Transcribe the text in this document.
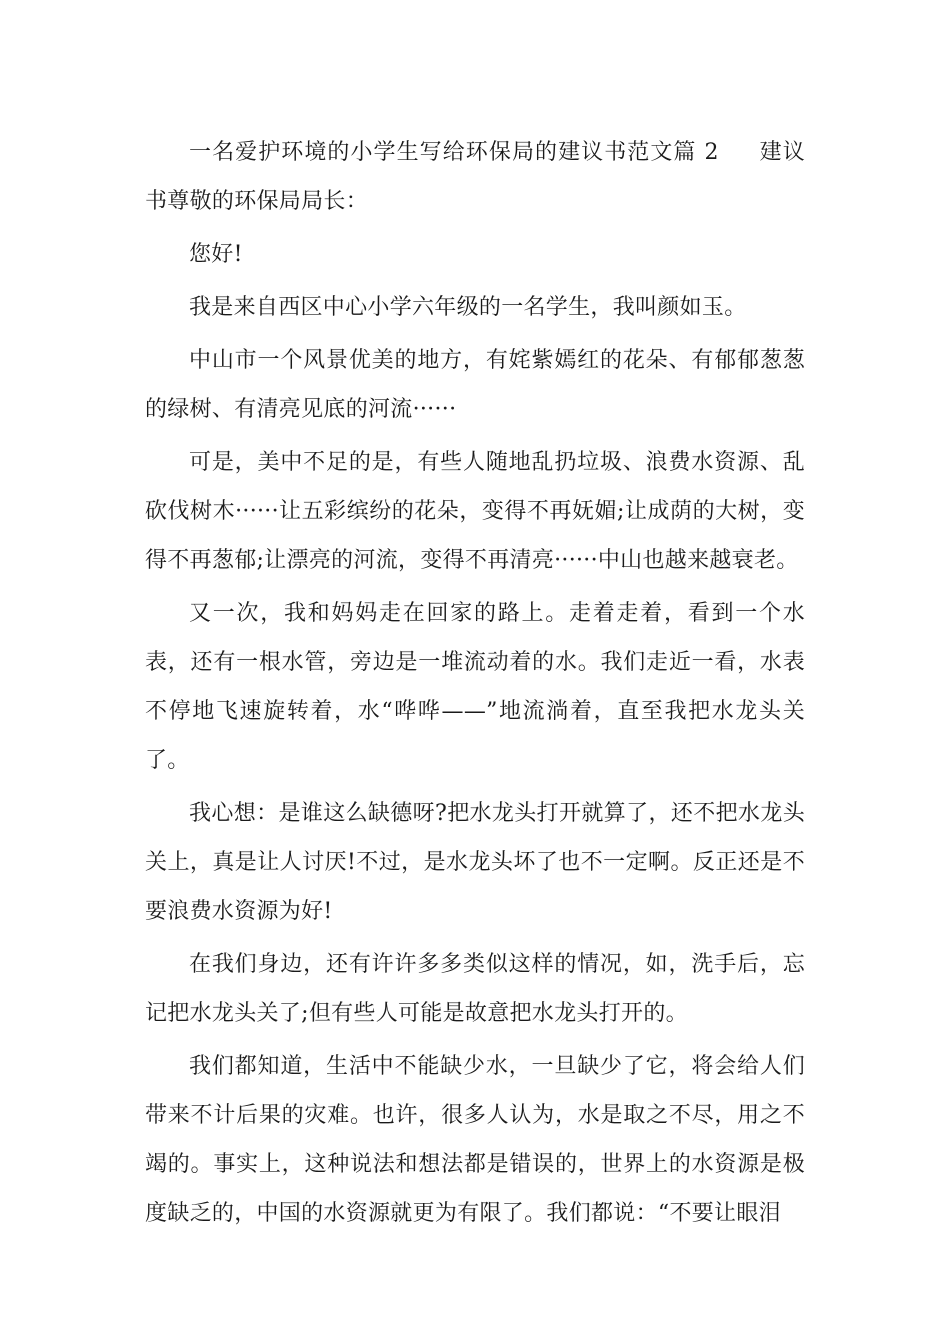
一名爱护环境的小学生写给环保局的建议书范文篇 2 建议书尊敬的环保局局长：

您好!

我是来自西区中心小学六年级的一名学生，我叫颜如玉。

中山市一个风景优美的地方，有姹紫嫣红的花朵、有郁郁葱葱的绿树、有清亮见底的河流······

可是，美中不足的是，有些人随地乱扔垃圾、浪费水资源、乱砍伐树木······让五彩缤纷的花朵，变得不再妩媚;让成荫的大树，变得不再葱郁;让漂亮的河流，变得不再清亮······中山也越来越衰老。

又一次，我和妈妈走在回家的路上。走着走着，看到一个水表，还有一根水管，旁边是一堆流动着的水。我们走近一看，水表不停地飞速旋转着，水“哗哗——”地流淌着，直至我把水龙头关了。

我心想：是谁这么缺德呀?把水龙头打开就算了，还不把水龙头关上，真是让人讨厌!不过，是水龙头坏了也不一定啊。反正还是不要浪费水资源为好!

在我们身边，还有许许多多类似这样的情况，如，洗手后，忘记把水龙头关了;但有些人可能是故意把水龙头打开的。

我们都知道，生活中不能缺少水，一旦缺少了它，将会给人们带来不计后果的灾难。也许，很多人认为，水是取之不尽，用之不竭的。事实上，这种说法和想法都是错误的，世界上的水资源是极度缺乏的，中国的水资源就更为有限了。我们都说：“不要让眼泪
